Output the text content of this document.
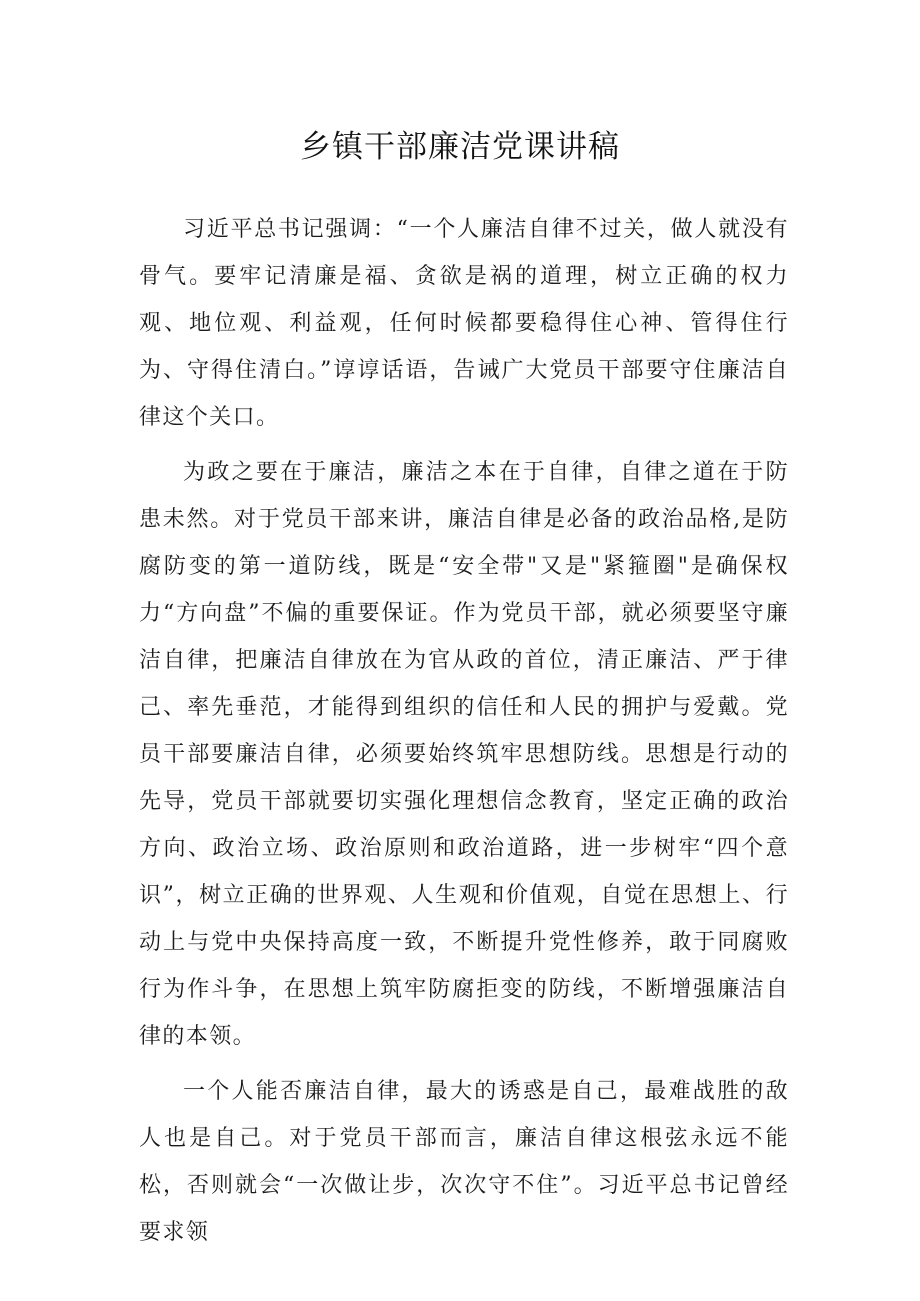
乡镇干部廉洁党课讲稿

习近平总书记强调：“一个人廉洁自律不过关，做人就没有骨气。要牢记清廉是福、贪欲是祸的道理，树立正确的权力观、地位观、利益观，任何时候都要稳得住心神、管得住行为、守得住清白。”谆谆话语，告诫广大党员干部要守住廉洁自律这个关口。

为政之要在于廉洁，廉洁之本在于自律，自律之道在于防患未然。对于党员干部来讲，廉洁自律是必备的政治品格,是防腐防变的第一道防线，既是“安全带"又是"紧箍圈"是确保权力“方向盘”不偏的重要保证。作为党员干部，就必须要坚守廉洁自律，把廉洁自律放在为官从政的首位，清正廉洁、严于律己、率先垂范，才能得到组织的信任和人民的拥护与爱戴。党员干部要廉洁自律，必须要始终筑牢思想防线。思想是行动的先导，党员干部就要切实强化理想信念教育，坚定正确的政治方向、政治立场、政治原则和政治道路，进一步树牢“四个意识”，树立正确的世界观、人生观和价值观，自觉在思想上、行动上与党中央保持高度一致，不断提升党性修养，敢于同腐败行为作斗争，在思想上筑牢防腐拒变的防线，不断增强廉洁自律的本领。

一个人能否廉洁自律，最大的诱惑是自己，最难战胜的敌人也是自己。对于党员干部而言，廉洁自律这根弦永远不能松，否则就会“一次做让步，次次守不住”。习近平总书记曾经要求领
